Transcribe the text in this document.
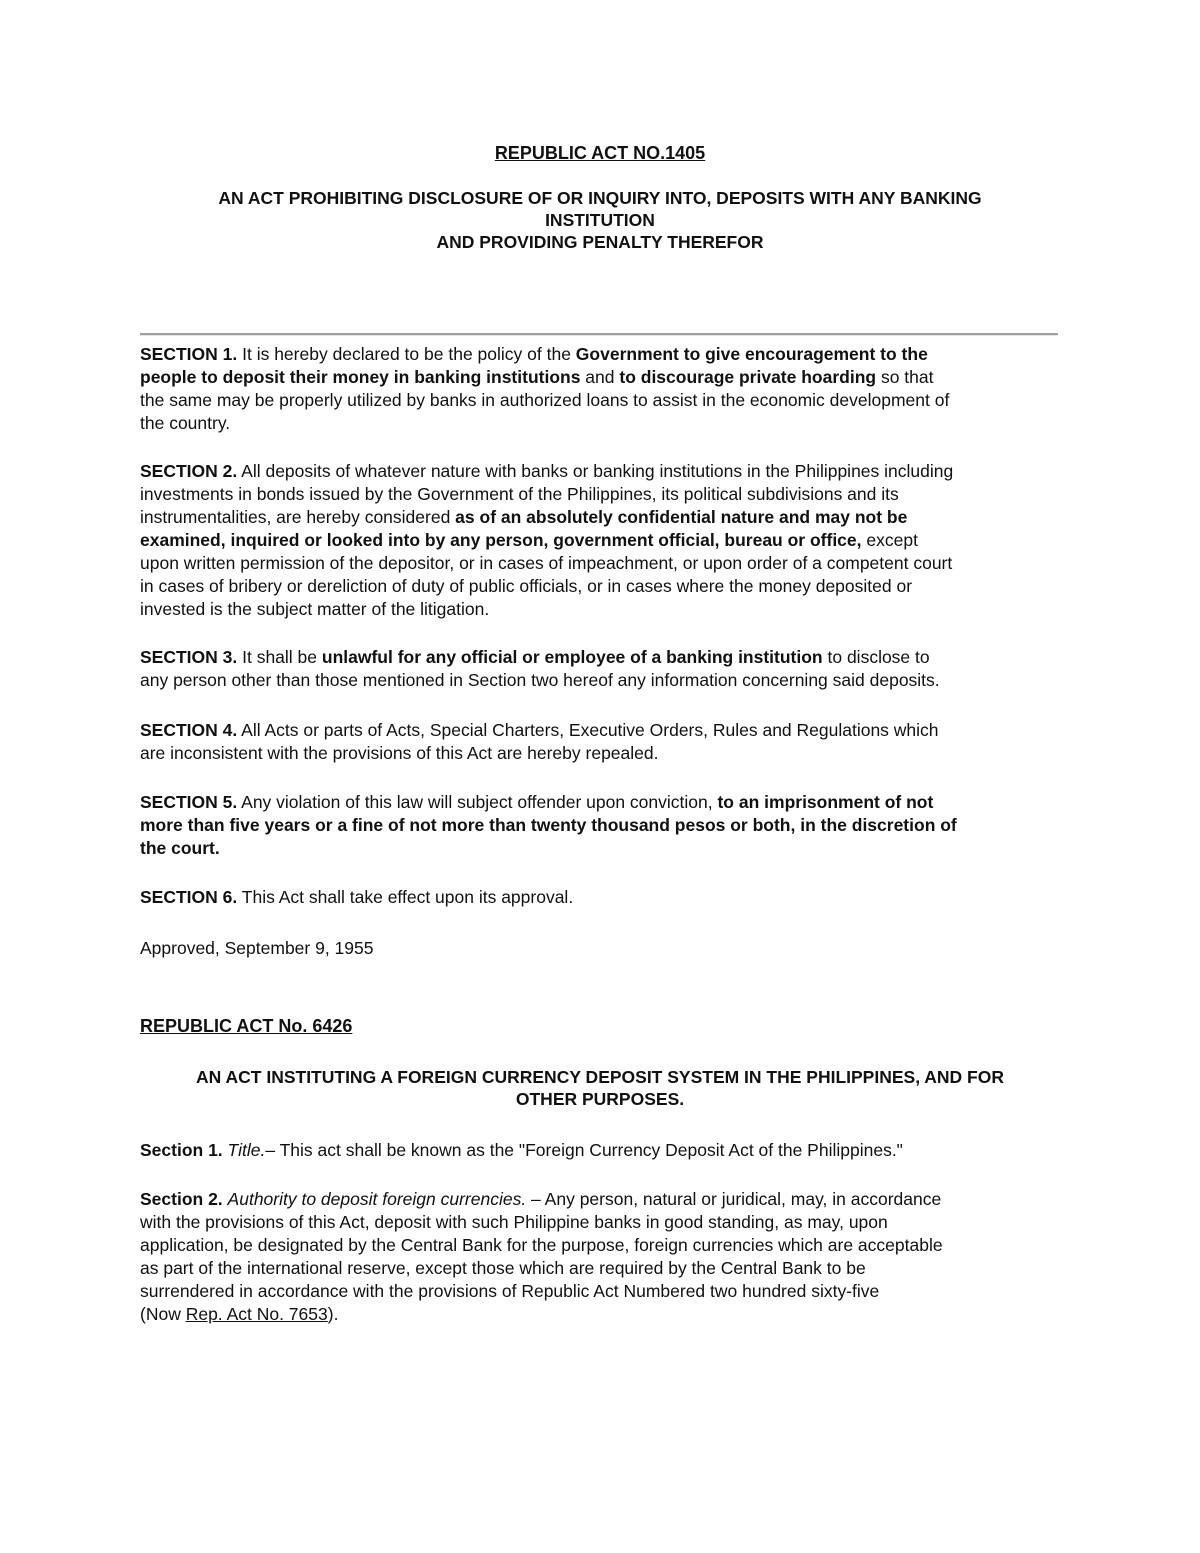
REPUBLIC ACT NO.1405
AN ACT PROHIBITING DISCLOSURE OF OR INQUIRY INTO, DEPOSITS WITH ANY BANKING
INSTITUTION
AND PROVIDING PENALTY THEREFOR
SECTION 1. It is hereby declared to be the policy of the Government to give encouragement to the
people to deposit their money in banking institutions and to discourage private hoarding so that
the same may be properly utilized by banks in authorized loans to assist in the economic development of
the country.
SECTION 2. All deposits of whatever nature with banks or banking institutions in the Philippines including
investments in bonds issued by the Government of the Philippines, its political subdivisions and its
instrumentalities, are hereby considered as of an absolutely confidential nature and may not be
examined, inquired or looked into by any person, government official, bureau or office, except
upon written permission of the depositor, or in cases of impeachment, or upon order of a competent court
in cases of bribery or dereliction of duty of public officials, or in cases where the money deposited or
invested is the subject matter of the litigation.
SECTION 3. It shall be unlawful for any official or employee of a banking institution to disclose to
any person other than those mentioned in Section two hereof any information concerning said deposits.
SECTION 4. All Acts or parts of Acts, Special Charters, Executive Orders, Rules and Regulations which
are inconsistent with the provisions of this Act are hereby repealed.
SECTION 5. Any violation of this law will subject offender upon conviction, to an imprisonment of not
more than five years or a fine of not more than twenty thousand pesos or both, in the discretion of
the court.
SECTION 6. This Act shall take effect upon its approval.
Approved, September 9, 1955
REPUBLIC ACT No. 6426
AN ACT INSTITUTING A FOREIGN CURRENCY DEPOSIT SYSTEM IN THE PHILIPPINES, AND FOR
OTHER PURPOSES.
Section 1. Title.– This act shall be known as the "Foreign Currency Deposit Act of the Philippines."
Section 2. Authority to deposit foreign currencies. – Any person, natural or juridical, may, in accordance
with the provisions of this Act, deposit with such Philippine banks in good standing, as may, upon
application, be designated by the Central Bank for the purpose, foreign currencies which are acceptable
as part of the international reserve, except those which are required by the Central Bank to be
surrendered in accordance with the provisions of Republic Act Numbered two hundred sixty-five
(Now Rep. Act No. 7653).
